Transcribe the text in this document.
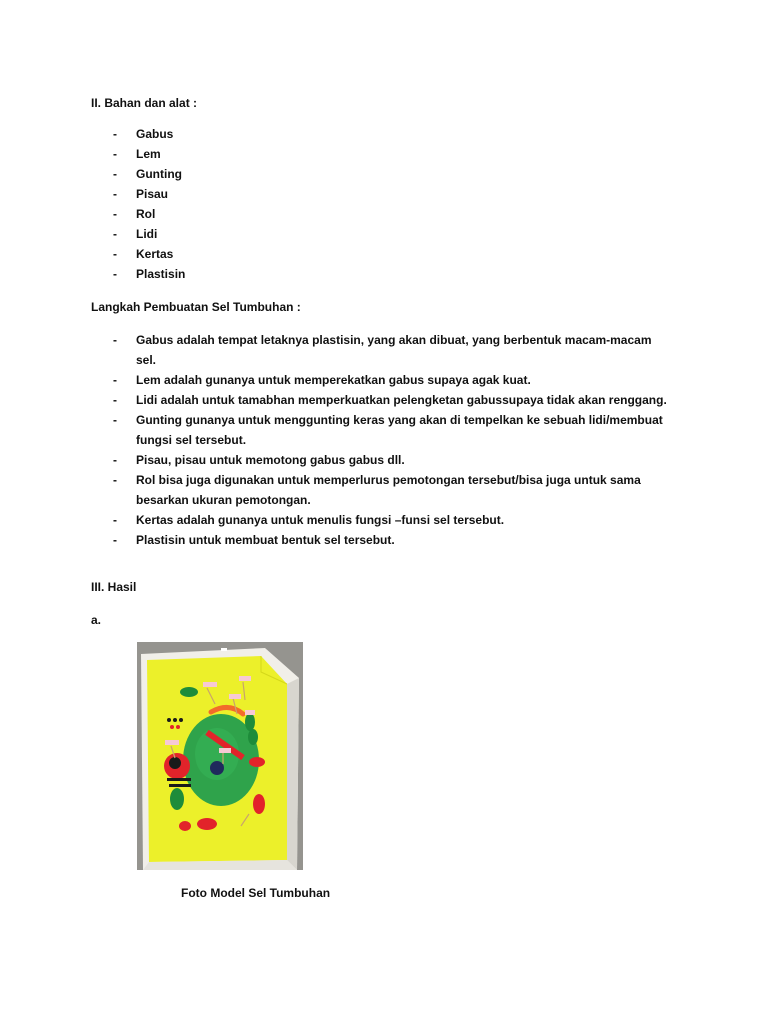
II. Bahan dan alat :
- Gabus
- Lem
- Gunting
- Pisau
- Rol
- Lidi
- Kertas
- Plastisin
Langkah Pembuatan Sel Tumbuhan :
- Gabus adalah tempat letaknya plastisin, yang akan dibuat, yang berbentuk macam-macam sel.
- Lem adalah gunanya untuk memperekatkan gabus supaya agak kuat.
- Lidi adalah untuk tamabhan memperkuatkan pelengketan gabussupaya tidak akan renggang.
- Gunting gunanya untuk menggunting keras yang akan di tempelkan ke sebuah lidi/membuat fungsi sel tersebut.
- Pisau, pisau untuk memotong gabus gabus dll.
- Rol bisa juga digunakan untuk memperlurus pemotongan tersebut/bisa juga untuk sama besarkan ukuran pemotongan.
- Kertas adalah gunanya untuk menulis fungsi –funsi sel tersebut.
- Plastisin untuk membuat bentuk sel tersebut.
III. Hasil
a.
Foto Model Sel Tumbuhan
